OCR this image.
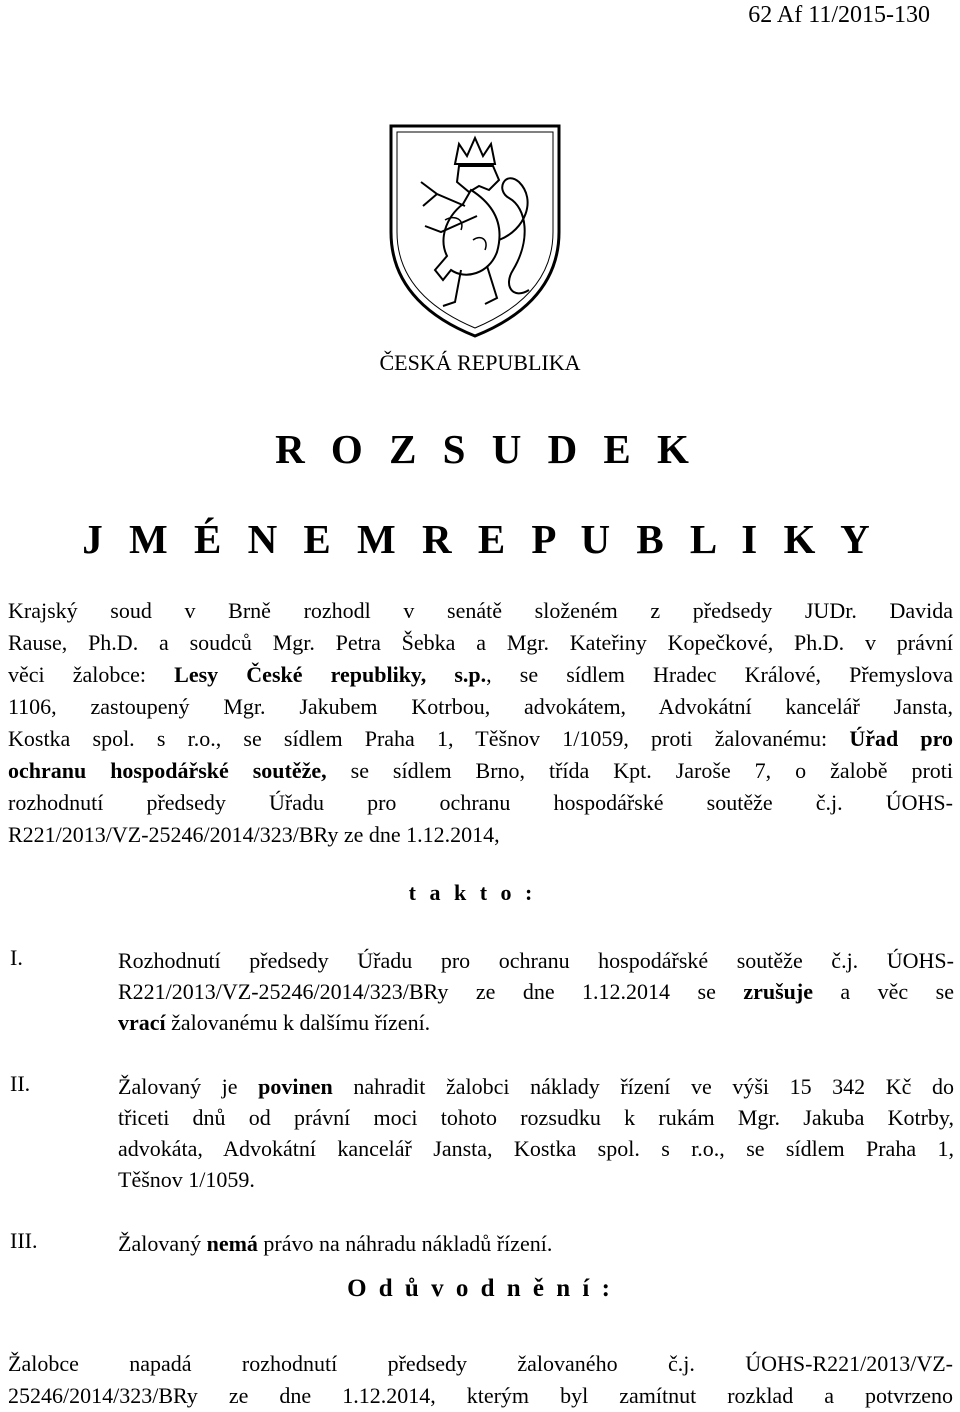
62 Af 11/2015-130
ČESKÁ REPUBLIKA
R O Z S U D E K
J M É N E M R E P U B L I K Y
Krajský soud v Brně rozhodl v senátě složeném z předsedy JUDr. Davida
Rause, Ph.D. a soudců Mgr. Petra Šebka a Mgr. Kateřiny Kopečkové, Ph.D. v právní
věci žalobce: Lesy České republiky, s.p., se sídlem Hradec Králové, Přemyslova
1106, zastoupený Mgr. Jakubem Kotrbou, advokátem, Advokátní kancelář Jansta,
Kostka spol. s r.o., se sídlem Praha 1, Těšnov 1/1059, proti žalovanému: Úřad pro
ochranu hospodářské soutěže, se sídlem Brno, třída Kpt. Jaroše 7, o žalobě proti
rozhodnutí předsedy Úřadu pro ochranu hospodářské soutěže č.j. ÚOHS-
R221/2013/VZ-25246/2014/323/BRy ze dne 1.12.2014,
t a k t o :
I.	Rozhodnutí předsedy Úřadu pro ochranu hospodářské soutěže č.j. ÚOHS-
R221/2013/VZ-25246/2014/323/BRy ze dne 1.12.2014 se zrušuje a věc se
vrací žalovanému k dalšímu řízení.
II.	Žalovaný je povinen nahradit žalobci náklady řízení ve výši 15 342 Kč do
třiceti dnů od právní moci tohoto rozsudku k rukám Mgr. Jakuba Kotrby,
advokáta, Advokátní kancelář Jansta, Kostka spol. s r.o., se sídlem Praha 1,
Těšnov 1/1059.
III.	Žalovaný nemá právo na náhradu nákladů řízení.
O d ů v o d n ě n í :
Žalobce napadá rozhodnutí předsedy žalovaného č.j. ÚOHS-R221/2013/VZ-
25246/2014/323/BRy ze dne 1.12.2014, kterým byl zamítnut rozklad a potvrzeno
